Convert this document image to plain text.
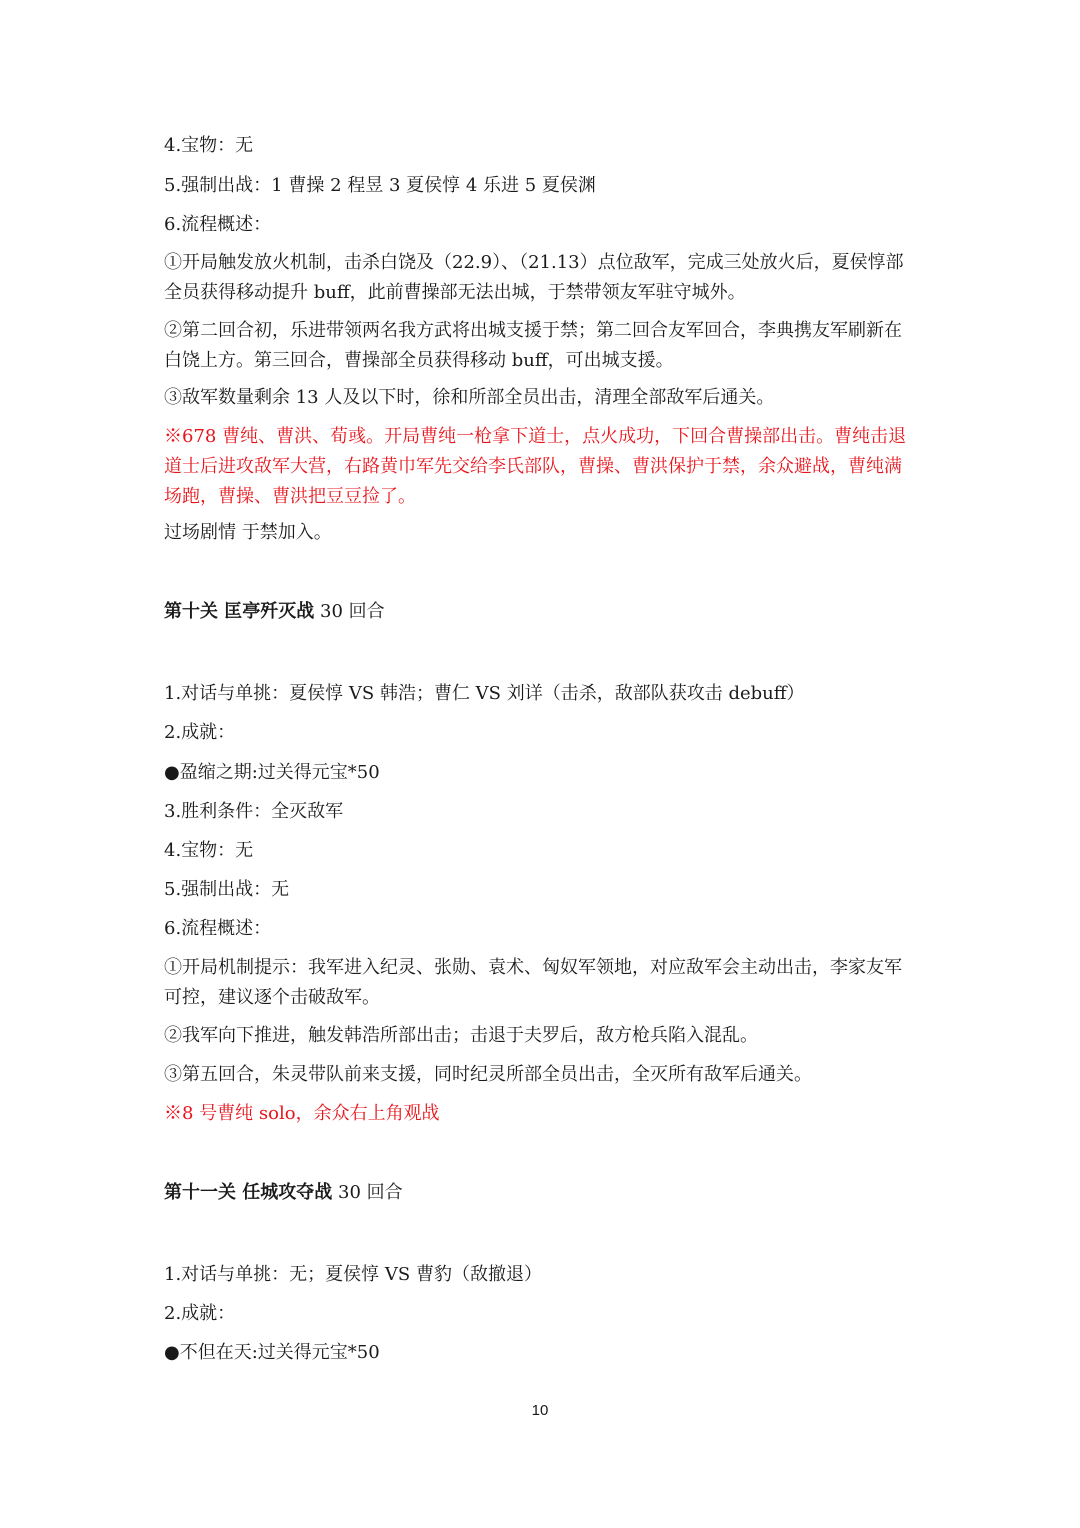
4.宝物：无
5.强制出战：1 曹操 2 程昱 3 夏侯惇 4 乐进 5 夏侯渊
6.流程概述：
①开局触发放火机制，击杀白饶及（22.9）、（21.13）点位敌军，完成三处放火后，夏侯惇部全员获得移动提升 buff，此前曹操部无法出城，于禁带领友军驻守城外。
②第二回合初，乐进带领两名我方武将出城支援于禁；第二回合友军回合，李典携友军刷新在白饶上方。第三回合，曹操部全员获得移动 buff，可出城支援。
③敌军数量剩余 13 人及以下时，徐和所部全员出击，清理全部敌军后通关。
※678 曹纯、曹洪、荀彧。开局曹纯一枪拿下道士，点火成功，下回合曹操部出击。曹纯击退道士后进攻敌军大营，右路黄巾军先交给李氏部队，曹操、曹洪保护于禁，余众避战，曹纯满场跑，曹操、曹洪把豆豆捡了。
过场剧情 于禁加入。
第十关 匡亭歼灭战 30 回合
1.对话与单挑：夏侯惇 VS 韩浩；曹仁 VS 刘详（击杀，敌部队获攻击 debuff）
2.成就：
●盈缩之期:过关得元宝*50
3.胜利条件：全灭敌军
4.宝物：无
5.强制出战：无
6.流程概述：
①开局机制提示：我军进入纪灵、张勋、袁术、匈奴军领地，对应敌军会主动出击，李家友军可控，建议逐个击破敌军。
②我军向下推进，触发韩浩所部出击；击退于夫罗后，敌方枪兵陷入混乱。
③第五回合，朱灵带队前来支援，同时纪灵所部全员出击，全灭所有敌军后通关。
※8 号曹纯 solo，余众右上角观战
第十一关 任城攻夺战 30 回合
1.对话与单挑：无；夏侯惇 VS 曹豹（敌撤退）
2.成就：
●不但在天:过关得元宝*50
10
